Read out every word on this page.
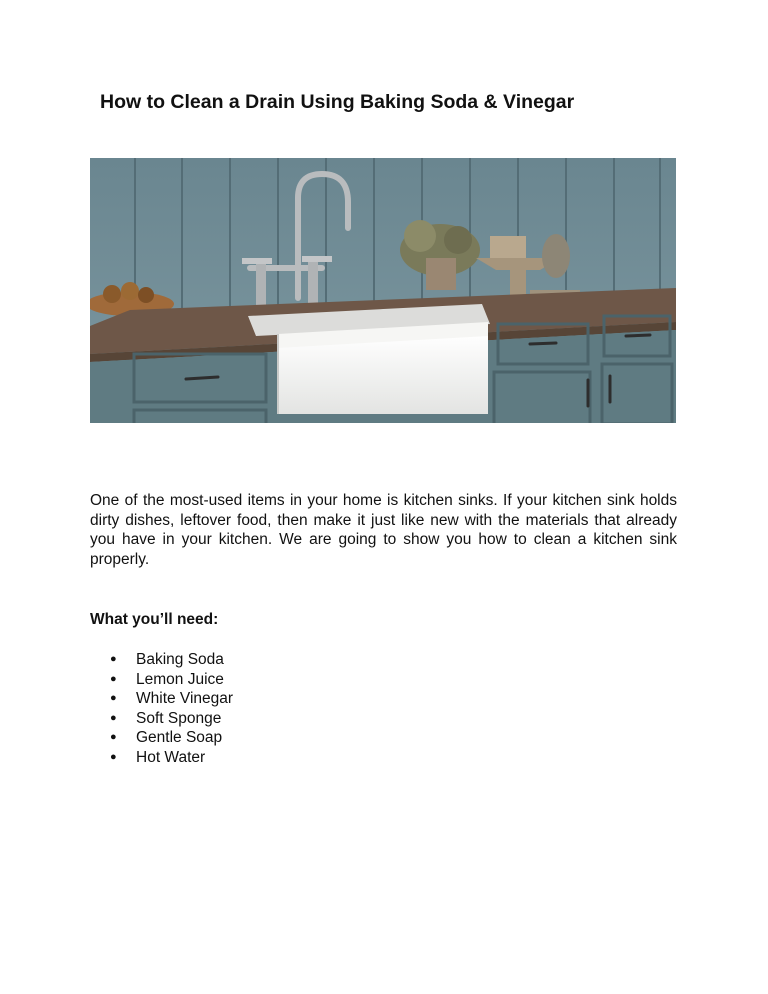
How to Clean a Drain Using Baking Soda & Vinegar

One of the most-used items in your home is kitchen sinks. If your kitchen sink holds dirty dishes, leftover food, then make it just like new with the materials that already you have in your kitchen. We are going to show you how to clean a kitchen sink properly.

What you’ll need:

● Baking Soda
● Lemon Juice
● White Vinegar
● Soft Sponge
● Gentle Soap
● Hot Water
